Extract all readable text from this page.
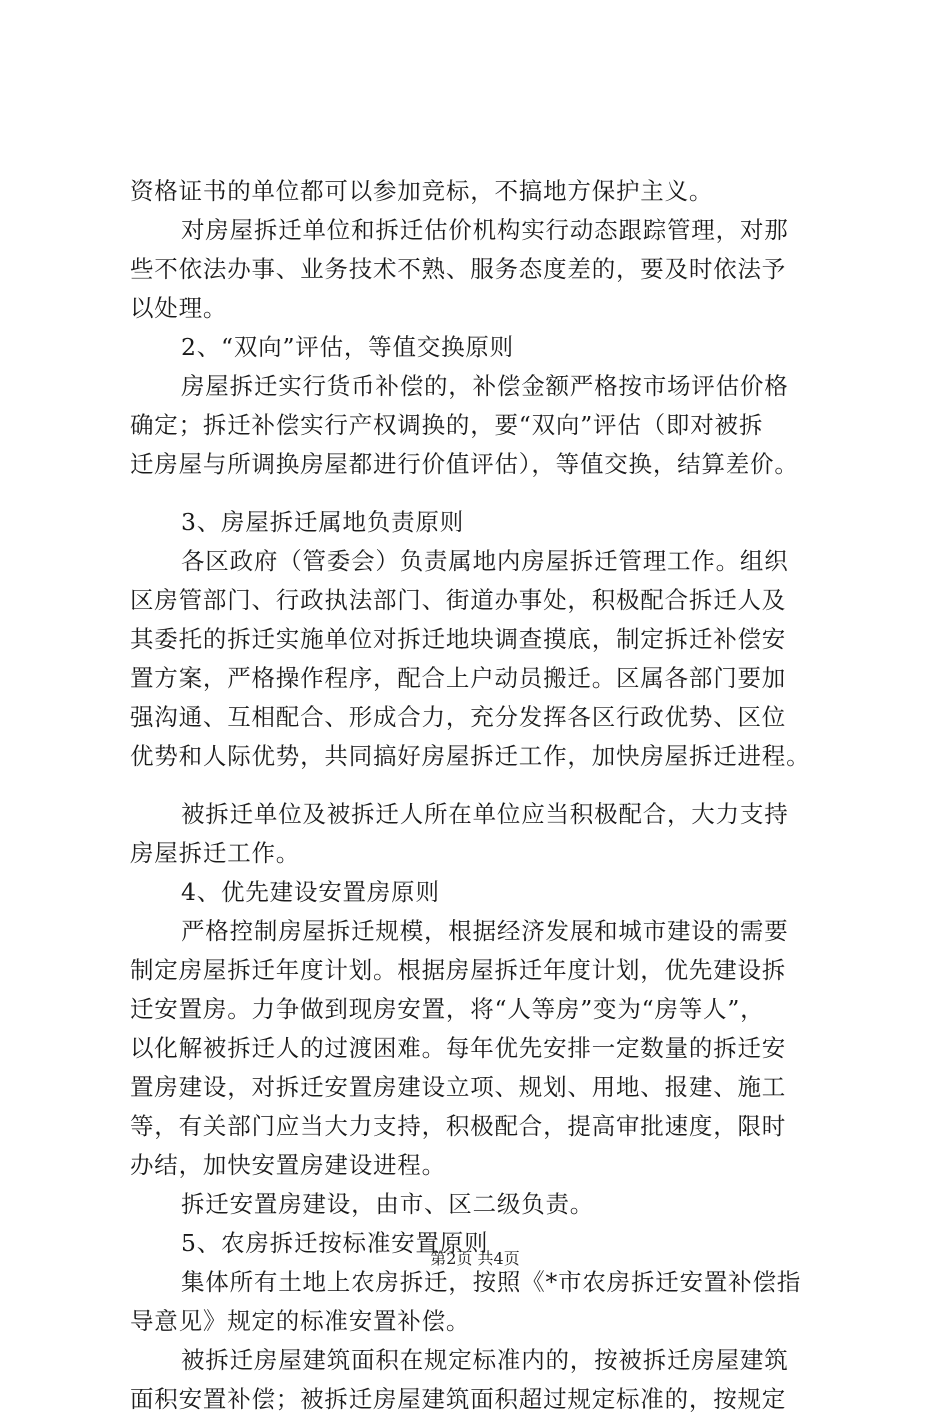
资格证书的单位都可以参加竞标，不搞地方保护主义。
对房屋拆迁单位和拆迁估价机构实行动态跟踪管理，对那
些不依法办事、业务技术不熟、服务态度差的，要及时依法予
以处理。
2、“双向”评估，等值交换原则
房屋拆迁实行货币补偿的，补偿金额严格按市场评估价格
确定；拆迁补偿实行产权调换的，要“双向”评估（即对被拆
迁房屋与所调换房屋都进行价值评估），等值交换，结算差价。
3、房屋拆迁属地负责原则
各区政府（管委会）负责属地内房屋拆迁管理工作。组织
区房管部门、行政执法部门、街道办事处，积极配合拆迁人及
其委托的拆迁实施单位对拆迁地块调查摸底，制定拆迁补偿安
置方案，严格操作程序，配合上户动员搬迁。区属各部门要加
强沟通、互相配合、形成合力，充分发挥各区行政优势、区位
优势和人际优势，共同搞好房屋拆迁工作，加快房屋拆迁进程。
被拆迁单位及被拆迁人所在单位应当积极配合，大力支持
房屋拆迁工作。
4、优先建设安置房原则
严格控制房屋拆迁规模，根据经济发展和城市建设的需要
制定房屋拆迁年度计划。根据房屋拆迁年度计划，优先建设拆
迁安置房。力争做到现房安置，将“人等房”变为“房等人”，
以化解被拆迁人的过渡困难。每年优先安排一定数量的拆迁安
置房建设，对拆迁安置房建设立项、规划、用地、报建、施工
等，有关部门应当大力支持，积极配合，提高审批速度，限时
办结，加快安置房建设进程。
拆迁安置房建设，由市、区二级负责。
5、农房拆迁按标准安置原则
集体所有土地上农房拆迁，按照《*市农房拆迁安置补偿指
导意见》规定的标准安置补偿。
被拆迁房屋建筑面积在规定标准内的，按被拆迁房屋建筑
面积安置补偿；被拆迁房屋建筑面积超过规定标准的，按规定
第2页 共4页
